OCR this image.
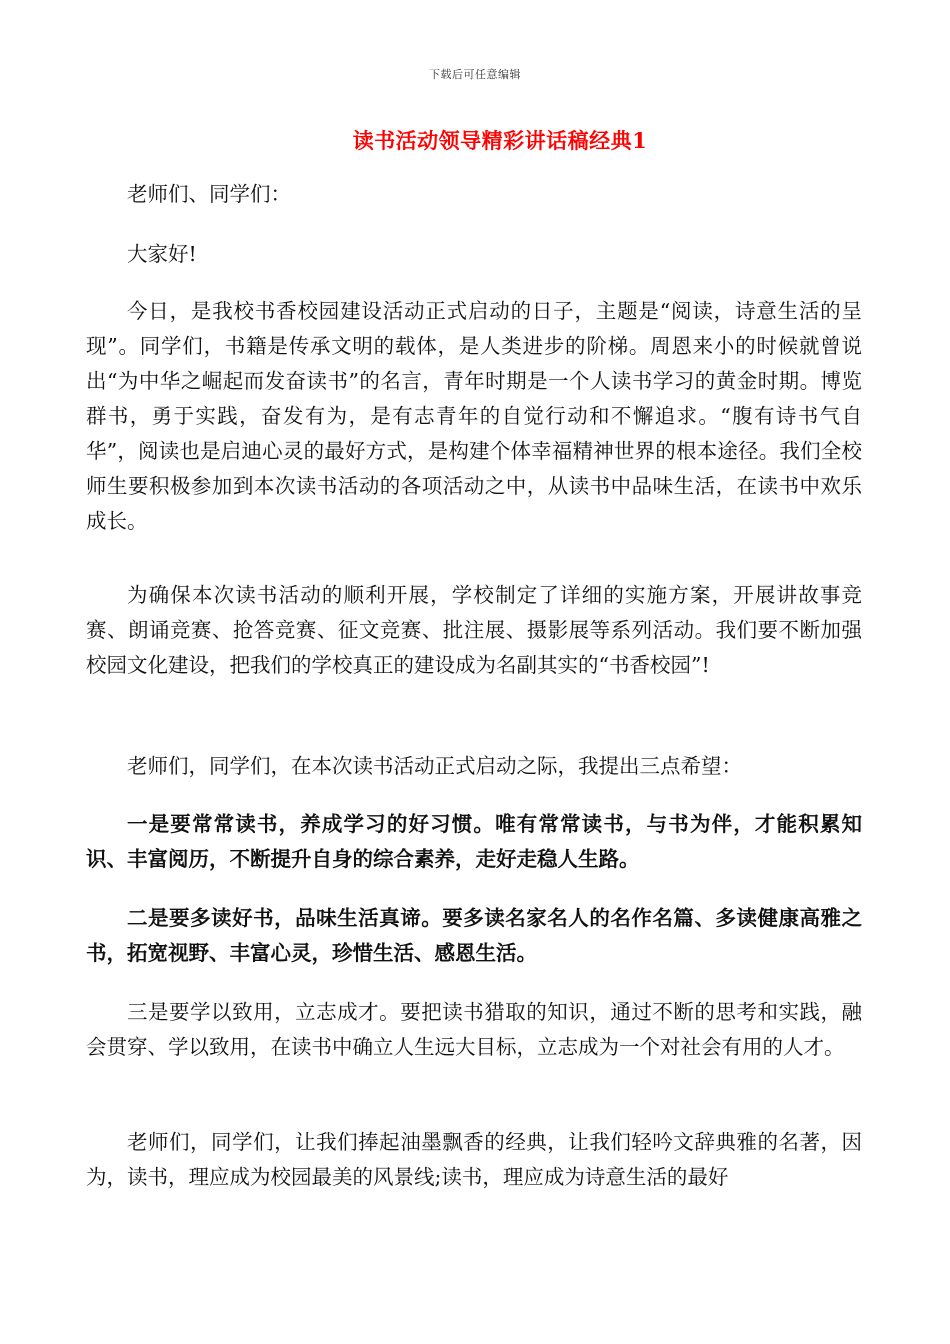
下载后可任意编辑
读书活动领导精彩讲话稿经典1

老师们、同学们：

大家好!

今日，是我校书香校园建设活动正式启动的日子，主题是“阅读，诗意生活的呈现”。同学们，书籍是传承文明的载体，是人类进步的阶梯。周恩来小的时候就曾说出“为中华之崛起而发奋读书”的名言，青年时期是一个人读书学习的黄金时期。博览群书，勇于实践，奋发有为，是有志青年的自觉行动和不懈追求。“腹有诗书气自华”，阅读也是启迪心灵的最好方式，是构建个体幸福精神世界的根本途径。我们全校师生要积极参加到本次读书活动的各项活动之中，从读书中品味生活，在读书中欢乐成长。

为确保本次读书活动的顺利开展，学校制定了详细的实施方案，开展讲故事竞赛、朗诵竞赛、抢答竞赛、征文竞赛、批注展、摄影展等系列活动。我们要不断加强校园文化建设，把我们的学校真正的建设成为名副其实的“书香校园”!

老师们，同学们，在本次读书活动正式启动之际，我提出三点希望：

一是要常常读书，养成学习的好习惯。唯有常常读书，与书为伴，才能积累知识、丰富阅历，不断提升自身的综合素养，走好走稳人生路。

二是要多读好书，品味生活真谛。要多读名家名人的名作名篇、多读健康高雅之书，拓宽视野、丰富心灵，珍惜生活、感恩生活。

三是要学以致用，立志成才。要把读书猎取的知识，通过不断的思考和实践，融会贯穿、学以致用，在读书中确立人生远大目标，立志成为一个对社会有用的人才。

老师们，同学们，让我们捧起油墨飘香的经典，让我们轻吟文辞典雅的名著，因为，读书，理应成为校园最美的风景线;读书，理应成为诗意生活的最好
